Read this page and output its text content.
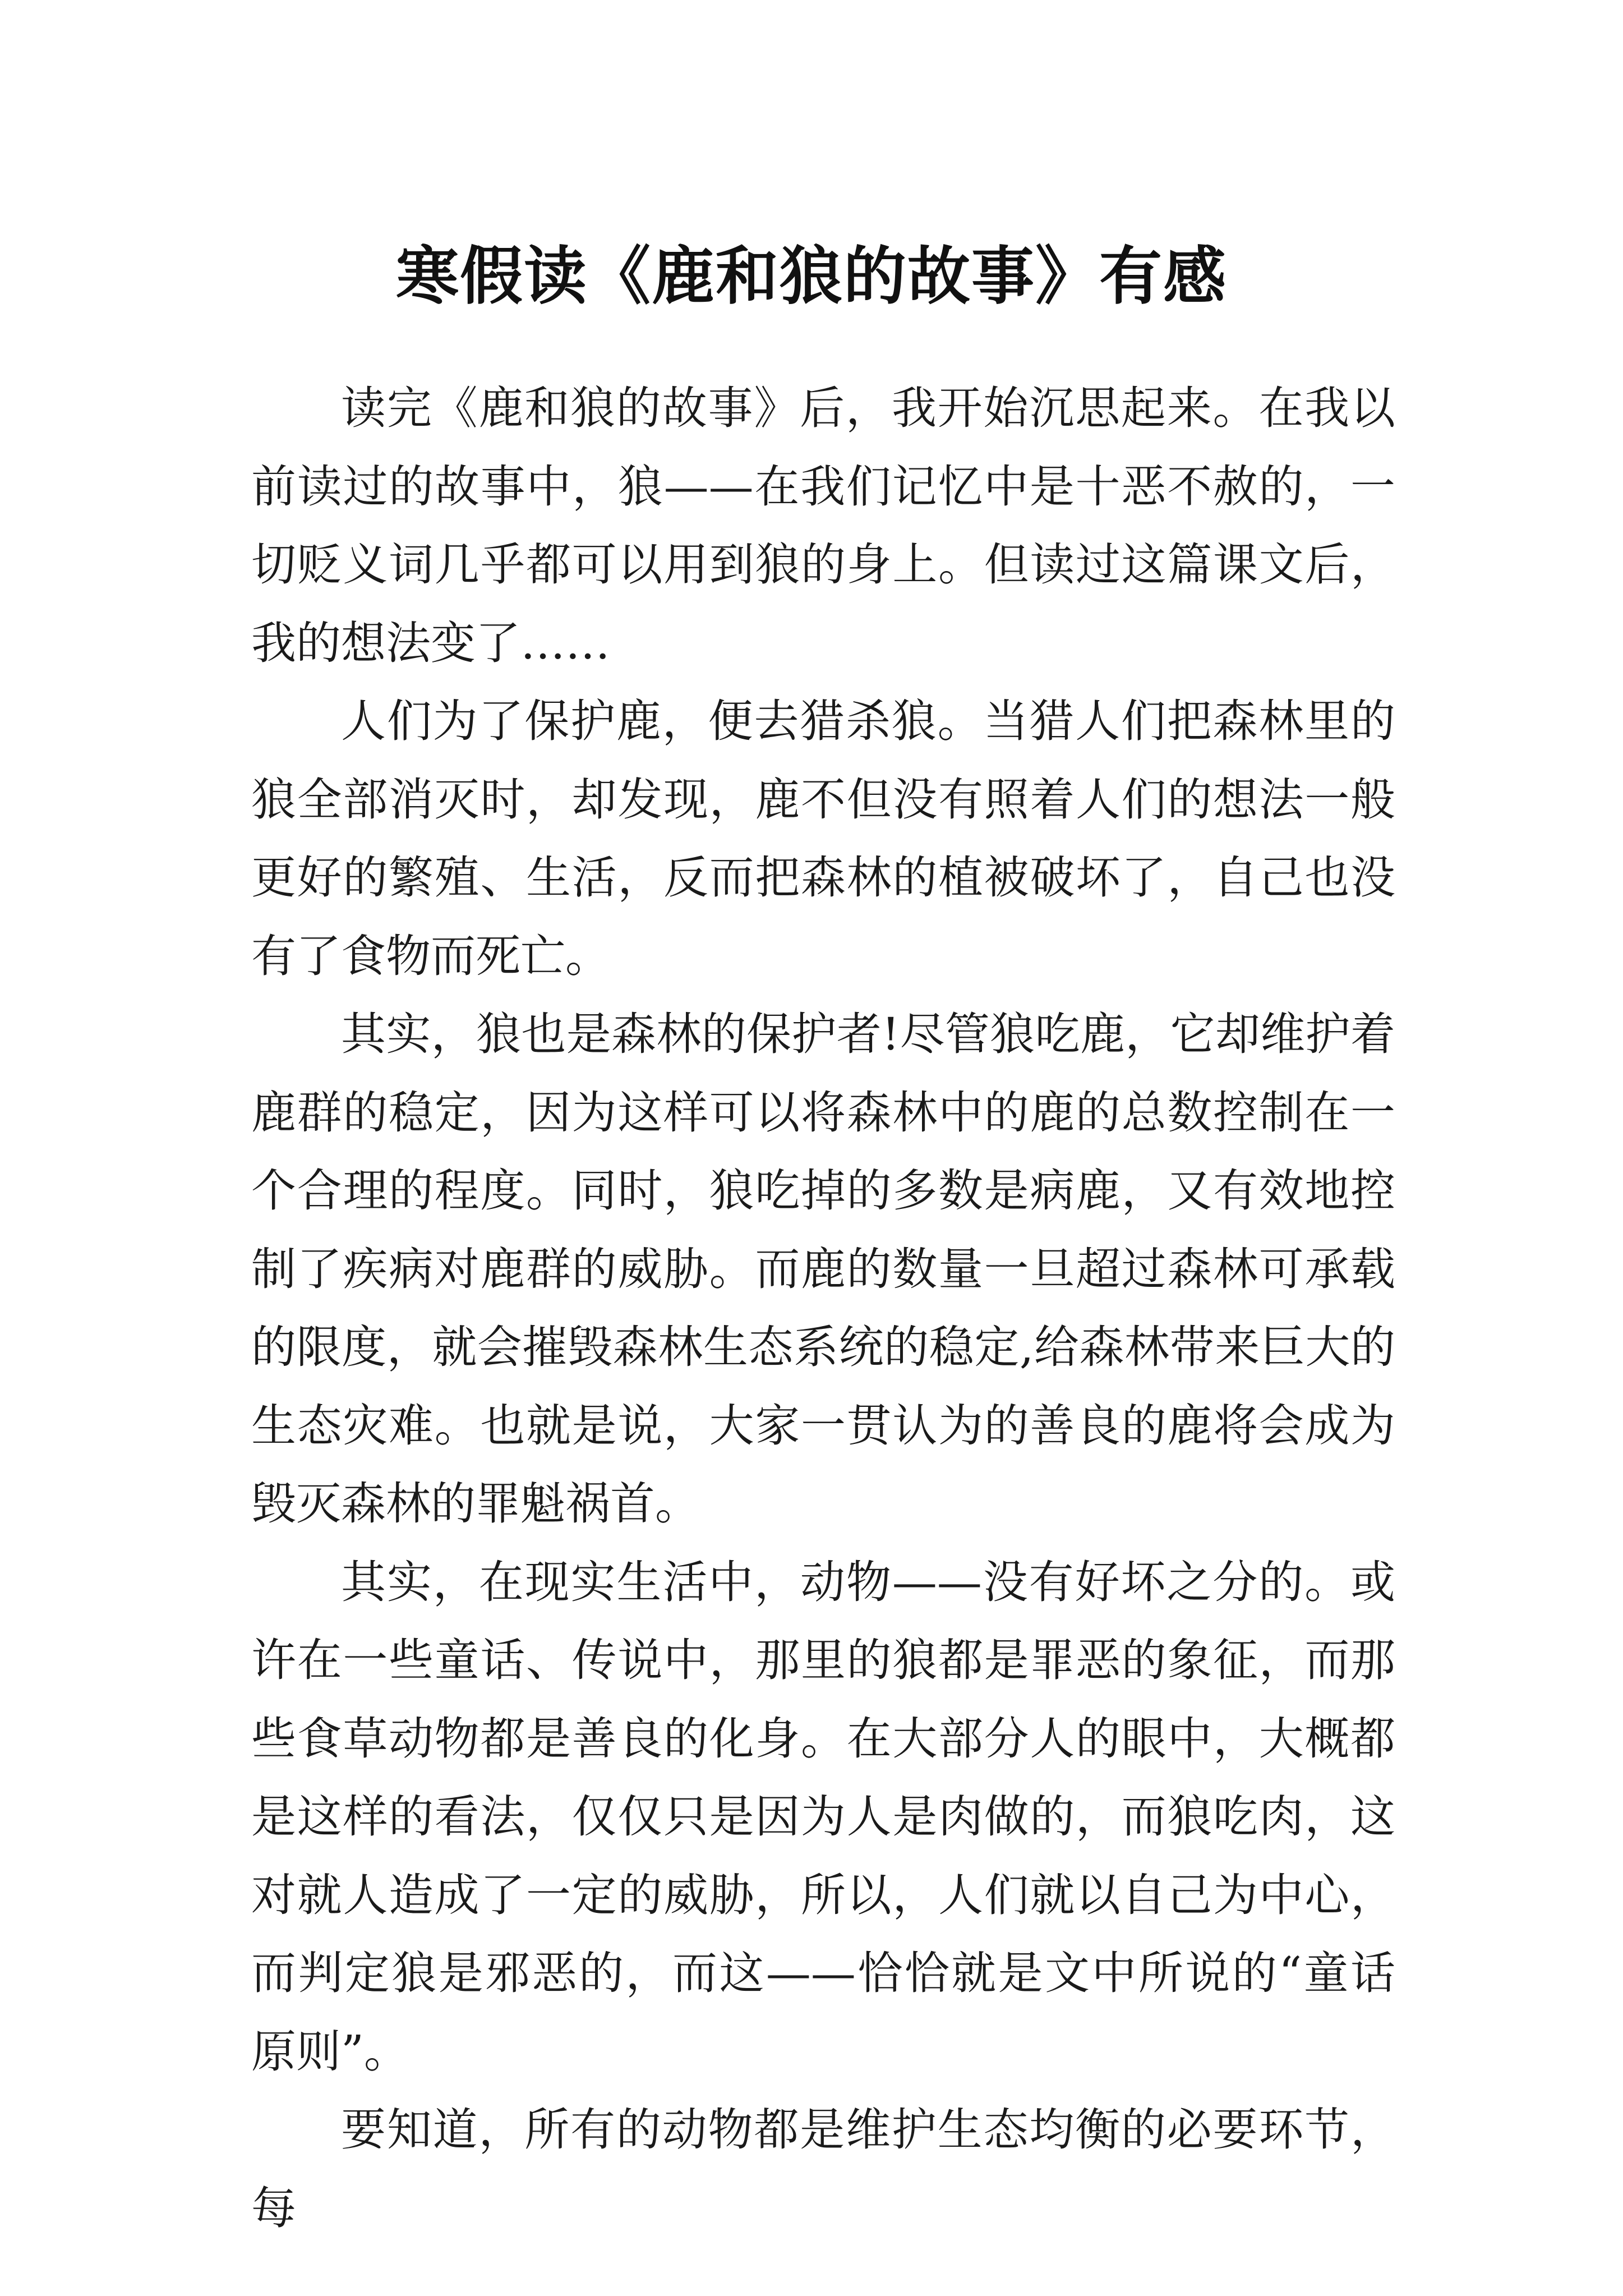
寒假读《鹿和狼的故事》有感

读完《鹿和狼的故事》后，我开始沉思起来。在我以前读过的故事中，狼——在我们记忆中是十恶不赦的，一切贬义词几乎都可以用到狼的身上。但读过这篇课文后，我的想法变了……

人们为了保护鹿，便去猎杀狼。当猎人们把森林里的狼全部消灭时，却发现，鹿不但没有照着人们的想法一般更好的繁殖、生活，反而把森林的植被破坏了，自己也没有了食物而死亡。

其实，狼也是森林的保护者!尽管狼吃鹿，它却维护着鹿群的稳定，因为这样可以将森林中的鹿的总数控制在一个合理的程度。同时，狼吃掉的多数是病鹿，又有效地控制了疾病对鹿群的威胁。而鹿的数量一旦超过森林可承载的限度，就会摧毁森林生态系统的稳定,给森林带来巨大的生态灾难。也就是说，大家一贯认为的善良的鹿将会成为毁灭森林的罪魁祸首。

其实，在现实生活中，动物——没有好坏之分的。或许在一些童话、传说中，那里的狼都是罪恶的象征，而那些食草动物都是善良的化身。在大部分人的眼中，大概都是这样的看法，仅仅只是因为人是肉做的，而狼吃肉，这对就人造成了一定的威胁，所以，人们就以自己为中心，而判定狼是邪恶的，而这——恰恰就是文中所说的“童话原则”。

要知道，所有的动物都是维护生态均衡的必要环节，每
